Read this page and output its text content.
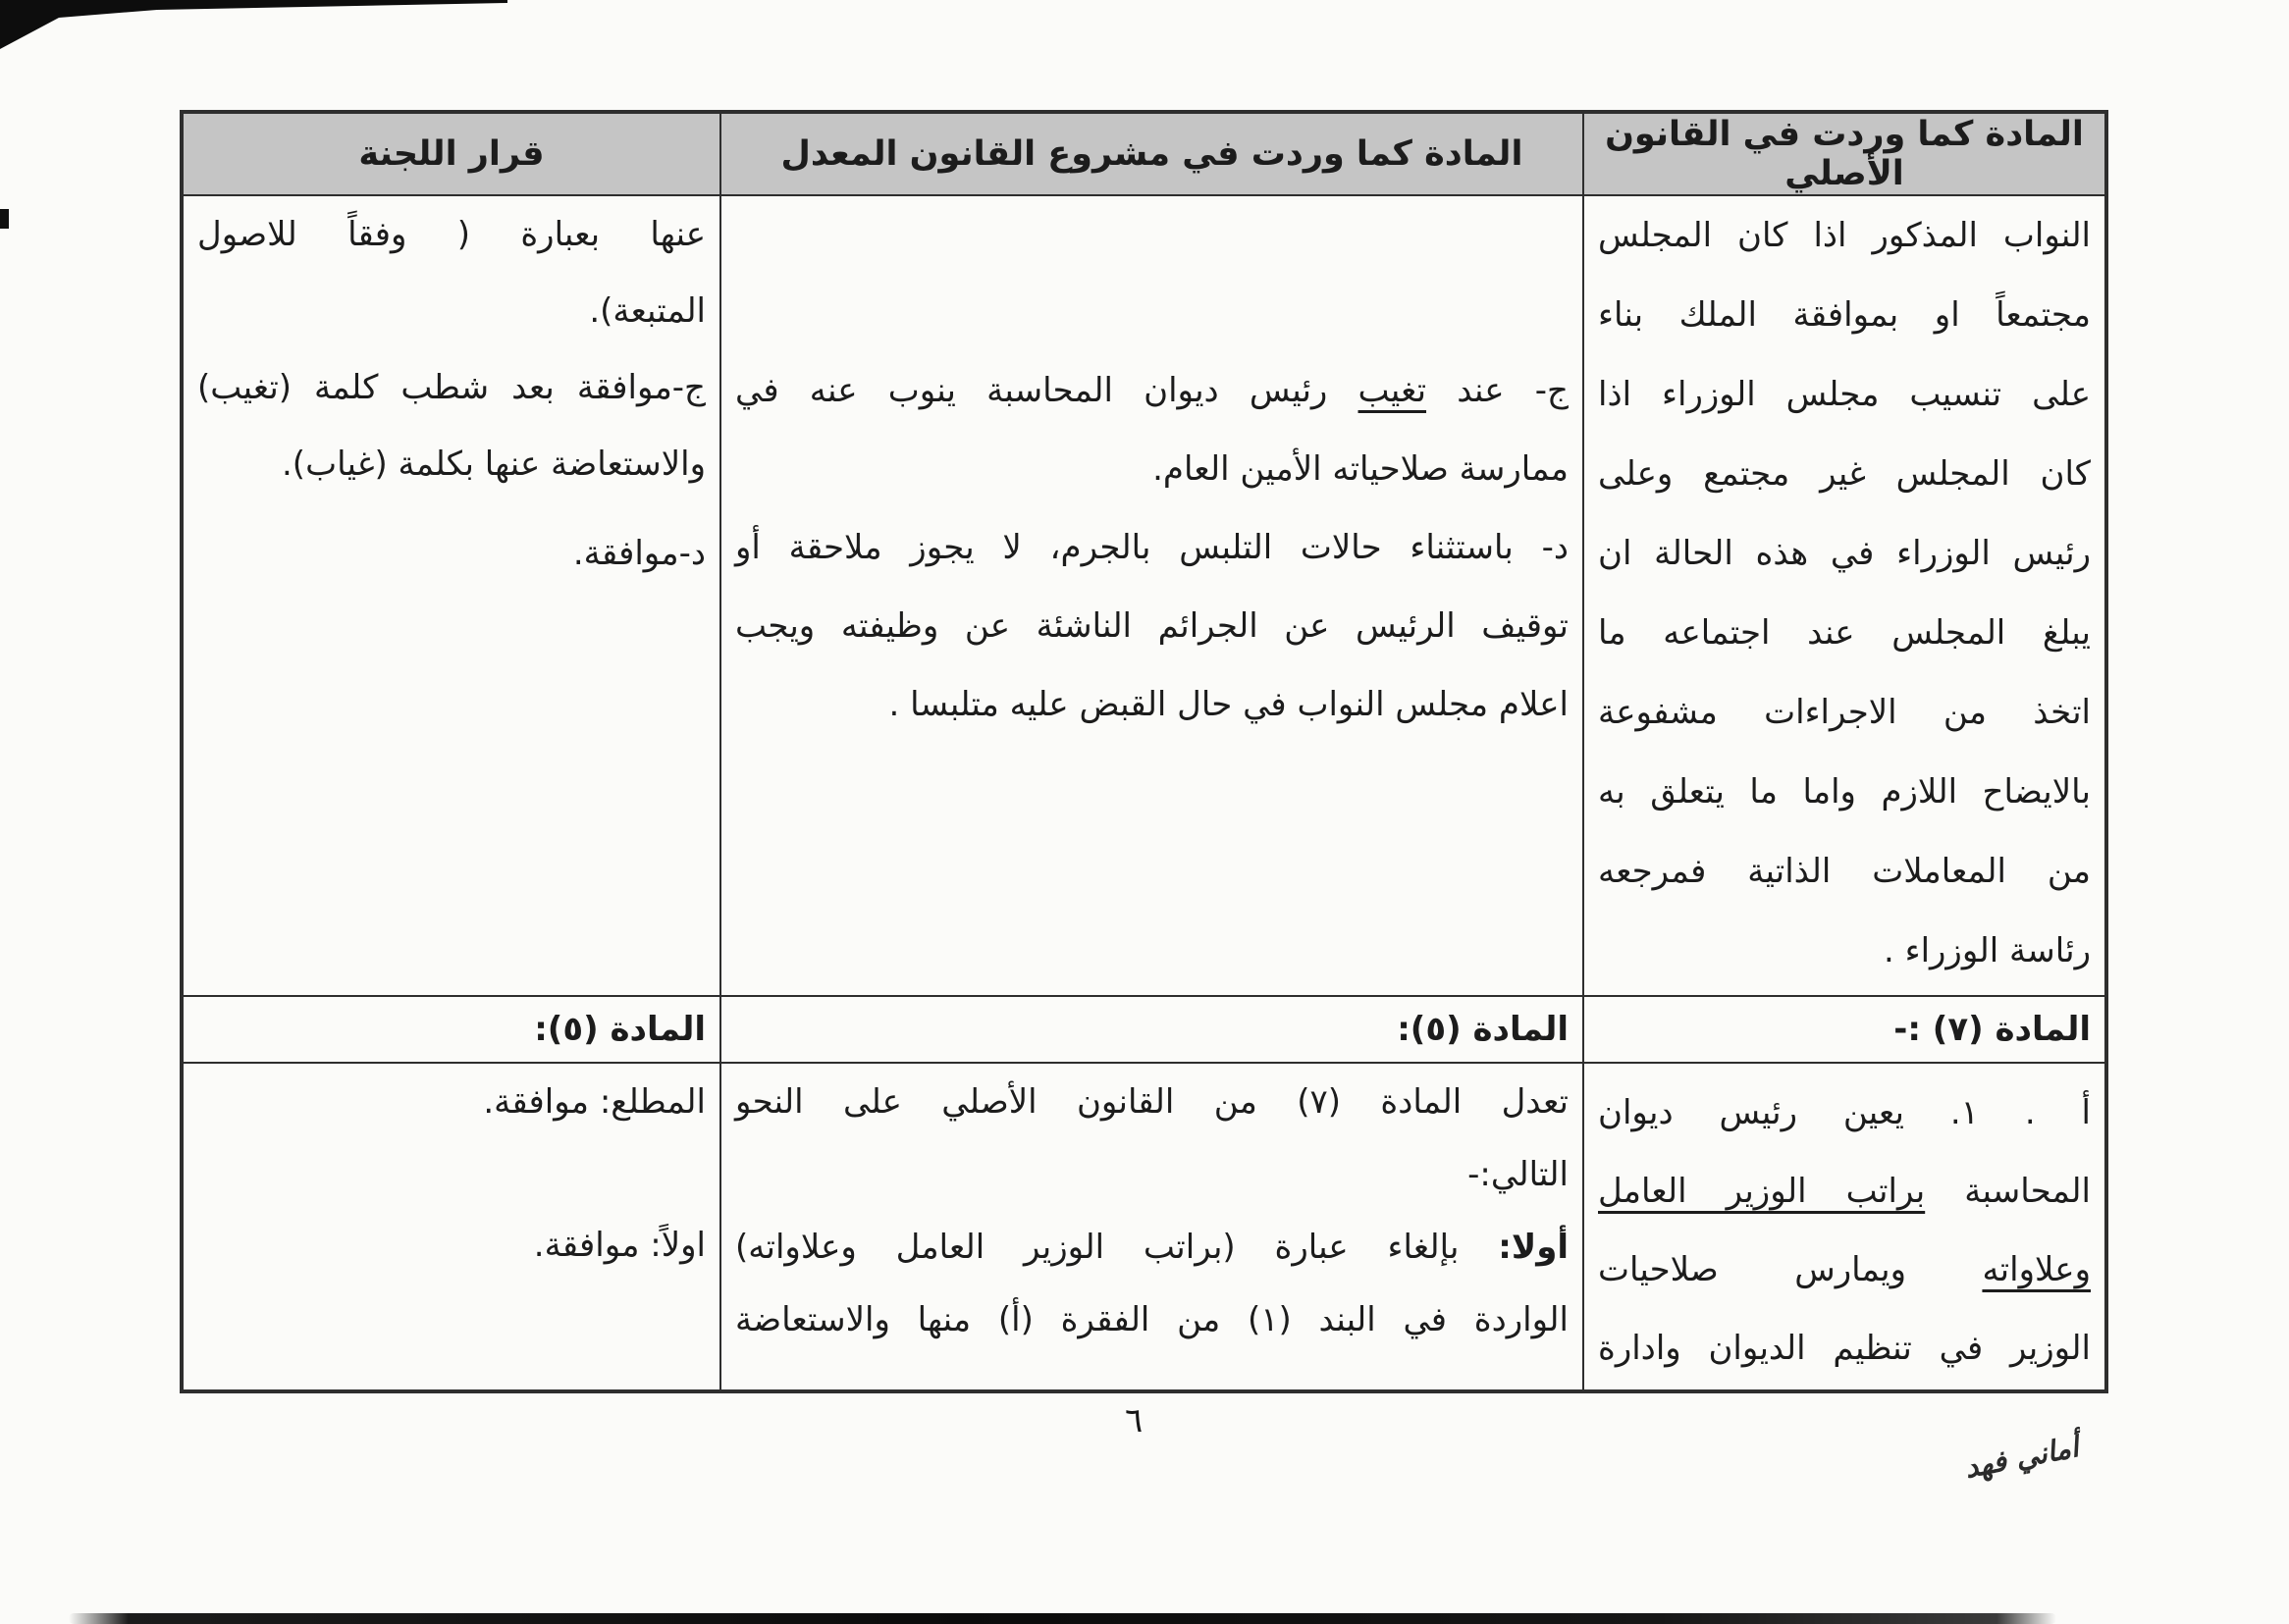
المادة كما وردت في القانون الأصلي
المادة كما وردت في مشروع القانون المعدل
قرار اللجنة
النواب المذكور اذا كان المجلس
مجتمعاً او بموافقة الملك بناء
على تنسيب مجلس الوزراء اذا
كان المجلس غير مجتمع وعلى
رئيس الوزراء في هذه الحالة ان
يبلغ المجلس عند اجتماعه ما
اتخذ من الاجراءات مشفوعة
بالايضاح اللازم واما ما يتعلق به
من المعاملات الذاتية فمرجعه
رئاسة الوزراء .
ج- عند تغيب رئيس ديوان المحاسبة ينوب عنه في
ممارسة صلاحياته الأمين العام.
د- باستثناء حالات التلبس بالجرم، لا يجوز ملاحقة أو
توقيف الرئيس عن الجرائم الناشئة عن وظيفته ويجب
اعلام مجلس النواب في حال القبض عليه متلبسا .
عنها بعبارة ( وفقاً للاصول
المتبعة).
ج-موافقة بعد شطب كلمة (تغيب)
والاستعاضة عنها بكلمة (غياب).
د-موافقة.
المادة (٧) :-
المادة (٥):
المادة (٥):
أ . ١. يعين رئيس ديوان
المحاسبة براتب الوزير العامل
وعلاواته ويمارس صلاحيات
الوزير في تنظيم الديوان وادارة
تعدل المادة (٧) من القانون الأصلي على النحو
التالي:-
أولا: بإلغاء عبارة (براتب الوزير العامل وعلاواته)
الواردة في البند (١) من الفقرة (أ) منها والاستعاضة
المطلع: موافقة.
اولاً: موافقة.
٦
أماني فهد
